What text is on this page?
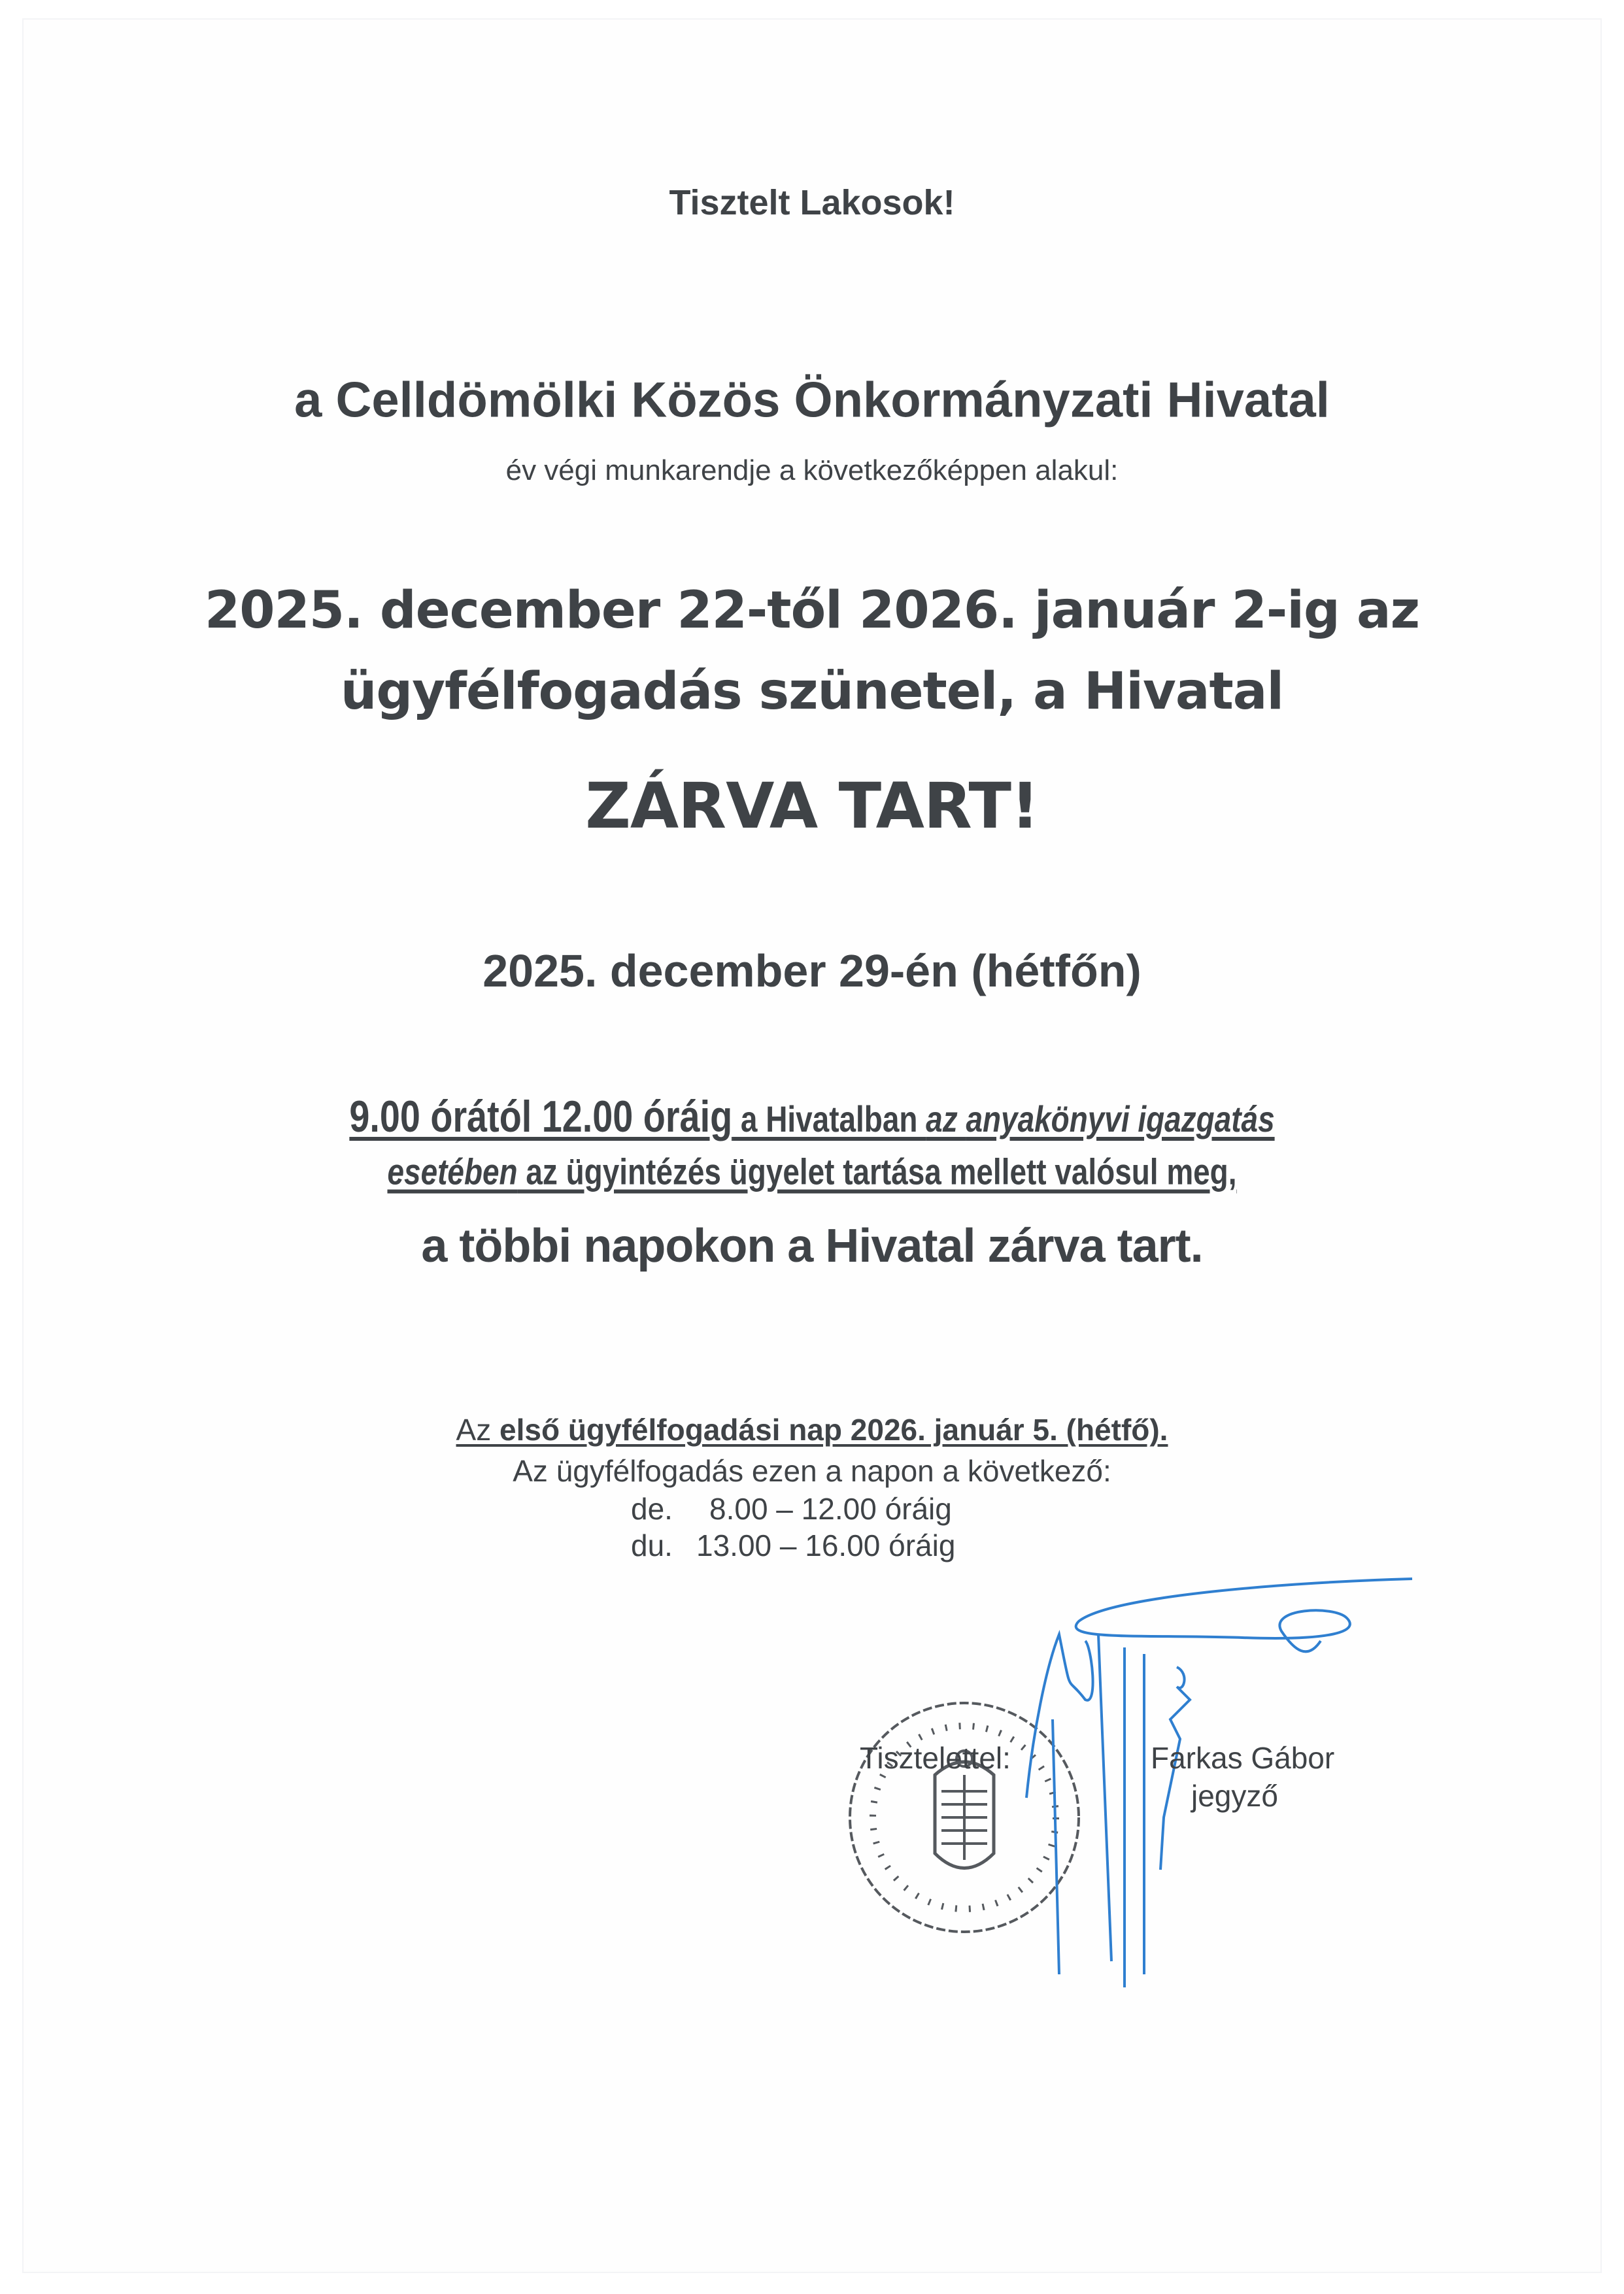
Tisztelt Lakosok!
a Celldömölki Közös Önkormányzati Hivatal
év végi munkarendje a következőképpen alakul:
2025. december 22-től 2026. január 2-ig az
ügyfélfogadás szünetel, a Hivatal
ZÁRVA TART!
2025. december 29-én (hétfőn)
9.00 órától 12.00 óráig a Hivatalban az anyakönyvi igazgatás
esetében az ügyintézés ügyelet tartása mellett valósul meg,
a többi napokon a Hivatal zárva tart.
Az első ügyfélfogadási nap 2026. január 5. (hétfő).
Az ügyfélfogadás ezen a napon a következő:
de. 8.00 – 12.00 óráig
du. 13.00 – 16.00 óráig
Tisztelettel:	Farkas Gábor
jegyző
